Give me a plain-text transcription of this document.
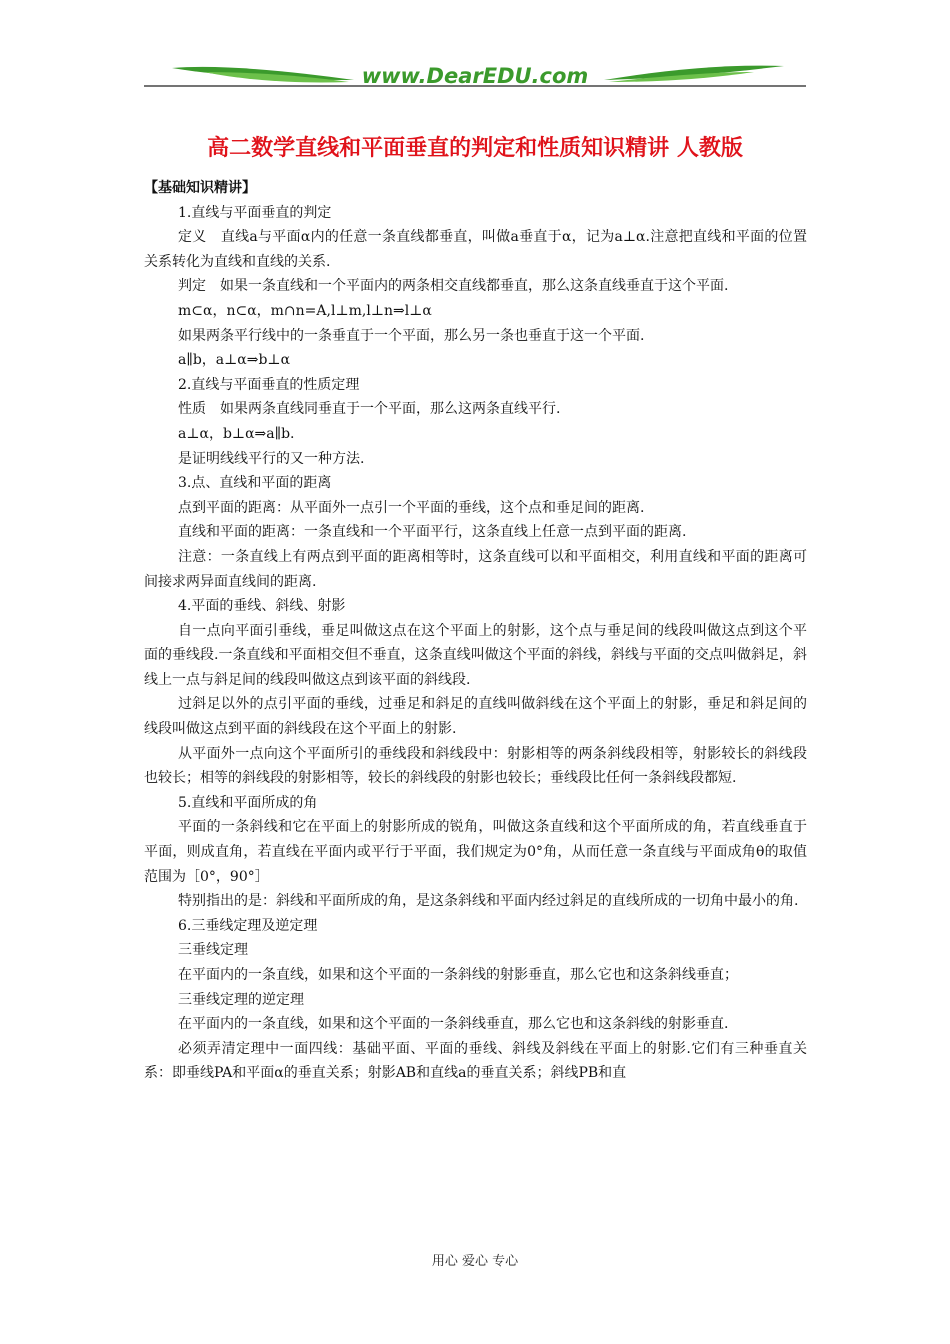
www.DearEDU.com
高二数学直线和平面垂直的判定和性质知识精讲 人教版

【基础知识精讲】

1.直线与平面垂直的判定

定义　直线a与平面α内的任意一条直线都垂直，叫做a垂直于α，记为a⊥α.注意把直线和平面的位置关系转化为直线和直线的关系.

判定　如果一条直线和一个平面内的两条相交直线都垂直，那么这条直线垂直于这个平面.

m⊂α，n⊂α，m∩n=A,l⊥m,l⊥n⇒l⊥α

如果两条平行线中的一条垂直于一个平面，那么另一条也垂直于这一个平面.

a∥b，a⊥α⇒b⊥α

2.直线与平面垂直的性质定理

性质　如果两条直线同垂直于一个平面，那么这两条直线平行.

a⊥α，b⊥α⇒a∥b.

是证明线线平行的又一种方法.

3.点、直线和平面的距离

点到平面的距离：从平面外一点引一个平面的垂线，这个点和垂足间的距离.

直线和平面的距离：一条直线和一个平面平行，这条直线上任意一点到平面的距离.

注意：一条直线上有两点到平面的距离相等时，这条直线可以和平面相交，利用直线和平面的距离可间接求两异面直线间的距离.

4.平面的垂线、斜线、射影

自一点向平面引垂线，垂足叫做这点在这个平面上的射影，这个点与垂足间的线段叫做这点到这个平面的垂线段.一条直线和平面相交但不垂直，这条直线叫做这个平面的斜线，斜线与平面的交点叫做斜足，斜线上一点与斜足间的线段叫做这点到该平面的斜线段.

过斜足以外的点引平面的垂线，过垂足和斜足的直线叫做斜线在这个平面上的射影，垂足和斜足间的线段叫做这点到平面的斜线段在这个平面上的射影.

从平面外一点向这个平面所引的垂线段和斜线段中：射影相等的两条斜线段相等，射影较长的斜线段也较长；相等的斜线段的射影相等，较长的斜线段的射影也较长；垂线段比任何一条斜线段都短.

5.直线和平面所成的角

平面的一条斜线和它在平面上的射影所成的锐角，叫做这条直线和这个平面所成的角，若直线垂直于平面，则成直角，若直线在平面内或平行于平面，我们规定为0°角，从而任意一条直线与平面成角θ的取值范围为［0°，90°］

特别指出的是：斜线和平面所成的角，是这条斜线和平面内经过斜足的直线所成的一切角中最小的角.

6.三垂线定理及逆定理

三垂线定理

在平面内的一条直线，如果和这个平面的一条斜线的射影垂直，那么它也和这条斜线垂直；

三垂线定理的逆定理

在平面内的一条直线，如果和这个平面的一条斜线垂直，那么它也和这条斜线的射影垂直.

必须弄清定理中一面四线：基础平面、平面的垂线、斜线及斜线在平面上的射影.它们有三种垂直关系：即垂线PA和平面α的垂直关系；射影AB和直线a的垂直关系；斜线PB和直

用心 爱心 专心
